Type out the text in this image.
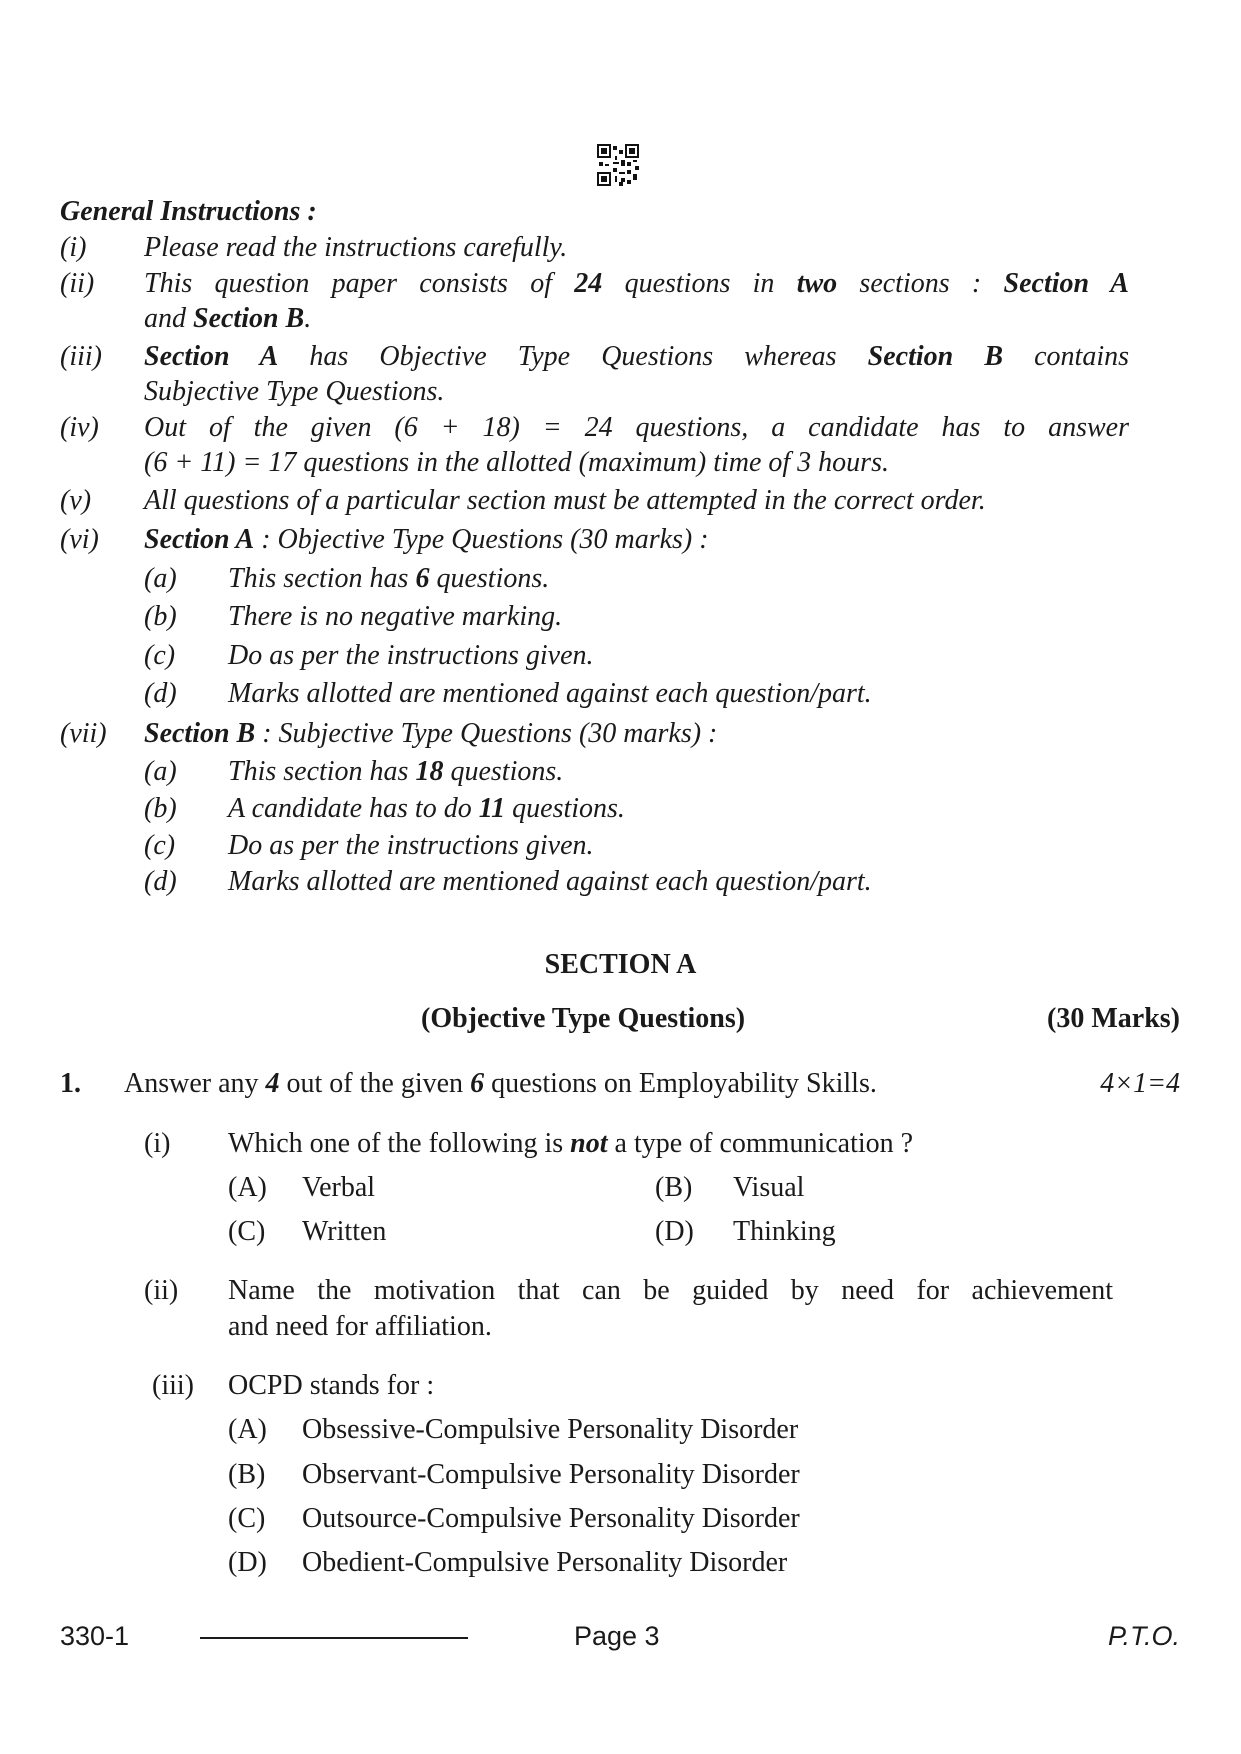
General Instructions :
(i) Please read the instructions carefully.
(ii) This question paper consists of 24 questions in two sections : Section A
and Section B.
(iii) Section A has Objective Type Questions whereas Section B contains
Subjective Type Questions.
(iv) Out of the given (6 + 18) = 24 questions, a candidate has to answer
(6 + 11) = 17 questions in the allotted (maximum) time of 3 hours.
(v) All questions of a particular section must be attempted in the correct order.
(vi) Section A : Objective Type Questions (30 marks) :
(a) This section has 6 questions.
(b) There is no negative marking.
(c) Do as per the instructions given.
(d) Marks allotted are mentioned against each question/part.
(vii) Section B : Subjective Type Questions (30 marks) :
(a) This section has 18 questions.
(b) A candidate has to do 11 questions.
(c) Do as per the instructions given.
(d) Marks allotted are mentioned against each question/part.
SECTION A
(Objective Type Questions)	(30 Marks)
1. Answer any 4 out of the given 6 questions on Employability Skills.	4×1=4
(i) Which one of the following is not a type of communication ?
(A) Verbal	(B) Visual
(C) Written	(D) Thinking
(ii) Name the motivation that can be guided by need for achievement
and need for affiliation.
(iii) OCPD stands for :
(A) Obsessive-Compulsive Personality Disorder
(B) Observant-Compulsive Personality Disorder
(C) Outsource-Compulsive Personality Disorder
(D) Obedient-Compulsive Personality Disorder
330-1	Page 3	P.T.O.
